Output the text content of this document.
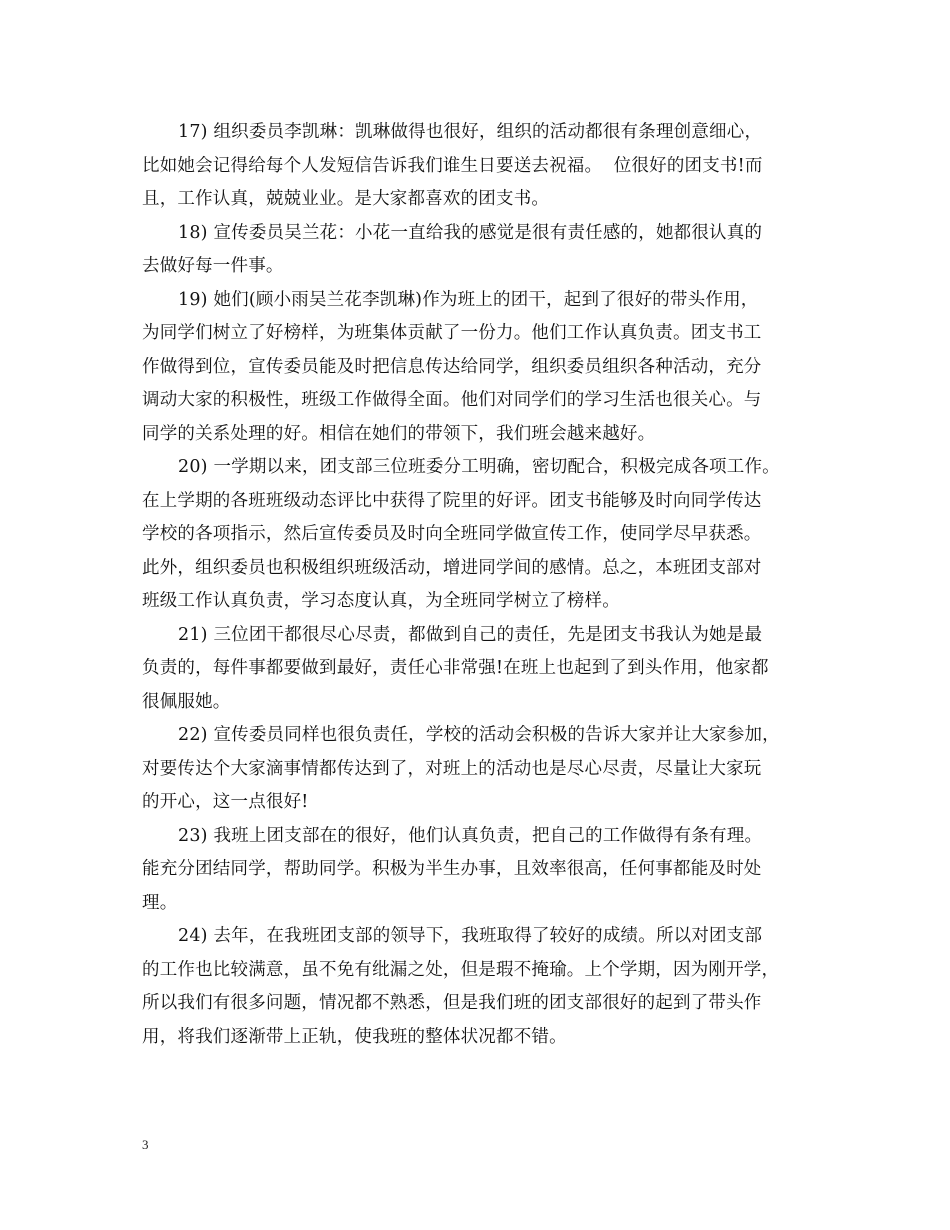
17) 组织委员李凯琳：凯琳做得也很好，组织的活动都很有条理创意细心，
比如她会记得给每个人发短信告诉我们谁生日要送去祝福。  位很好的团支书!而
且，工作认真，兢兢业业。是大家都喜欢的团支书。

18) 宣传委员吴兰花：小花一直给我的感觉是很有责任感的，她都很认真的
去做好每一件事。

19) 她们(顾小雨吴兰花李凯琳)作为班上的团干，起到了很好的带头作用，
为同学们树立了好榜样，为班集体贡献了一份力。他们工作认真负责。团支书工
作做得到位，宣传委员能及时把信息传达给同学，组织委员组织各种活动，充分
调动大家的积极性，班级工作做得全面。他们对同学们的学习生活也很关心。与
同学的关系处理的好。相信在她们的带领下，我们班会越来越好。

20) 一学期以来，团支部三位班委分工明确，密切配合，积极完成各项工作。
在上学期的各班班级动态评比中获得了院里的好评。团支书能够及时向同学传达
学校的各项指示，然后宣传委员及时向全班同学做宣传工作，使同学尽早获悉。
此外，组织委员也积极组织班级活动，增进同学间的感情。总之，本班团支部对
班级工作认真负责，学习态度认真，为全班同学树立了榜样。

21) 三位团干都很尽心尽责，都做到自己的责任，先是团支书我认为她是最
负责的，每件事都要做到最好，责任心非常强!在班上也起到了到头作用，他家都
很佩服她。

22) 宣传委员同样也很负责任，学校的活动会积极的告诉大家并让大家参加，
对要传达个大家滴事情都传达到了，对班上的活动也是尽心尽责，尽量让大家玩
的开心，这一点很好!

23) 我班上团支部在的很好，他们认真负责，把自己的工作做得有条有理。
能充分团结同学，帮助同学。积极为半生办事，且效率很高，任何事都能及时处
理。

24) 去年，在我班团支部的领导下，我班取得了较好的成绩。所以对团支部
的工作也比较满意，虽不免有纰漏之处，但是瑕不掩瑜。上个学期，因为刚开学，
所以我们有很多问题，情况都不熟悉，但是我们班的团支部很好的起到了带头作
用，将我们逐渐带上正轨，使我班的整体状况都不错。

3
